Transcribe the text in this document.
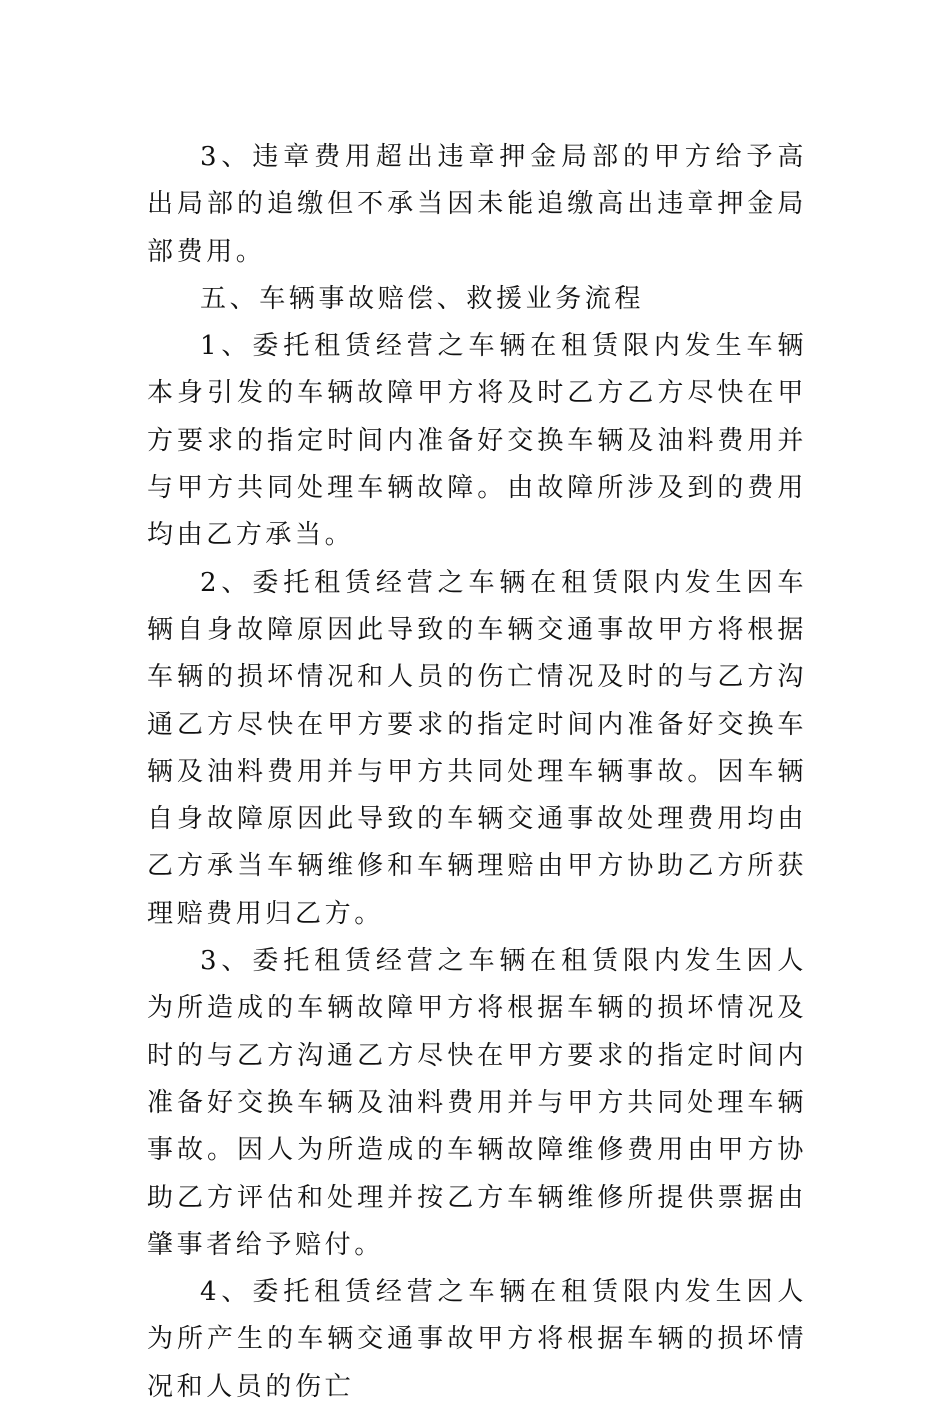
3、违章费用超出违章押金局部的甲方给予高出局部的追缴但不承当因未能追缴高出违章押金局部费用。

五、车辆事故赔偿、救援业务流程

1、委托租赁经营之车辆在租赁限内发生车辆本身引发的车辆故障甲方将及时乙方乙方尽快在甲方要求的指定时间内准备好交换车辆及油料费用并与甲方共同处理车辆故障。由故障所涉及到的费用均由乙方承当。

2、委托租赁经营之车辆在租赁限内发生因车辆自身故障原因此导致的车辆交通事故甲方将根据车辆的损坏情况和人员的伤亡情况及时的与乙方沟通乙方尽快在甲方要求的指定时间内准备好交换车辆及油料费用并与甲方共同处理车辆事故。因车辆自身故障原因此导致的车辆交通事故处理费用均由乙方承当车辆维修和车辆理赔由甲方协助乙方所获理赔费用归乙方。

3、委托租赁经营之车辆在租赁限内发生因人为所造成的车辆故障甲方将根据车辆的损坏情况及时的与乙方沟通乙方尽快在甲方要求的指定时间内准备好交换车辆及油料费用并与甲方共同处理车辆事故。因人为所造成的车辆故障维修费用由甲方协助乙方评估和处理并按乙方车辆维修所提供票据由肇事者给予赔付。

4、委托租赁经营之车辆在租赁限内发生因人为所产生的车辆交通事故甲方将根据车辆的损坏情况和人员的伤亡
